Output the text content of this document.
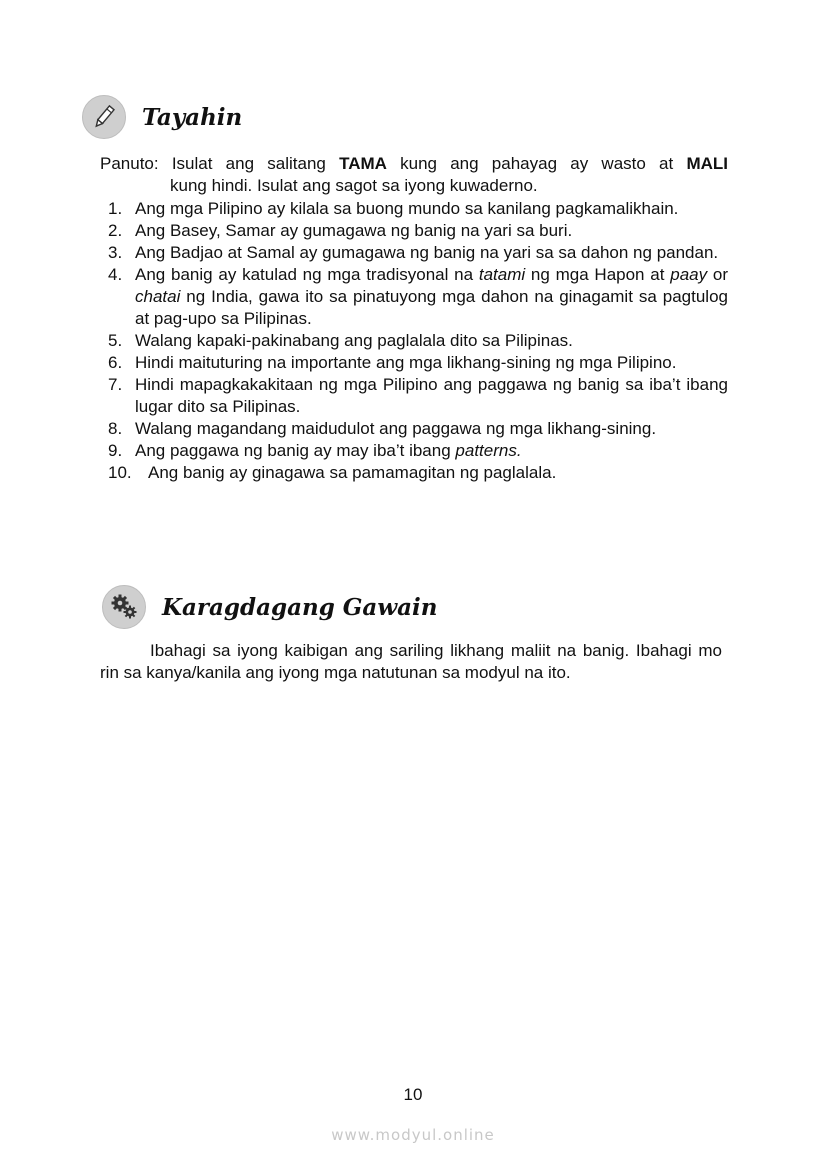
Tayahin
Panuto: Isulat ang salitang TAMA kung ang pahayag ay wasto at MALI
kung hindi. Isulat ang sagot sa iyong kuwaderno.
1. Ang mga Pilipino ay kilala sa buong mundo sa kanilang pagkamalikhain.
2. Ang Basey, Samar ay gumagawa ng banig na yari sa buri.
3. Ang Badjao at Samal ay gumagawa ng banig na yari sa sa dahon ng pandan.
4. Ang banig ay katulad ng mga tradisyonal na tatami ng mga Hapon at paay or chatai ng India, gawa ito sa pinatuyong mga dahon na ginagamit sa pagtulog at pag-upo sa Pilipinas.
5. Walang kapaki-pakinabang ang paglalala dito sa Pilipinas.
6. Hindi maituturing na importante ang mga likhang-sining ng mga Pilipino.
7. Hindi mapagkakakitaan ng mga Pilipino ang paggawa ng banig sa iba’t ibang lugar dito sa Pilipinas.
8. Walang magandang maidudulot ang paggawa ng mga likhang-sining.
9. Ang paggawa ng banig ay may iba’t ibang patterns.
10. Ang banig ay ginagawa sa pamamagitan ng paglalala.
Karagdagang Gawain
Ibahagi sa iyong kaibigan ang sariling likhang maliit na banig. Ibahagi mo rin sa kanya/kanila ang iyong mga natutunan sa modyul na ito.
10
www.modyul.online
